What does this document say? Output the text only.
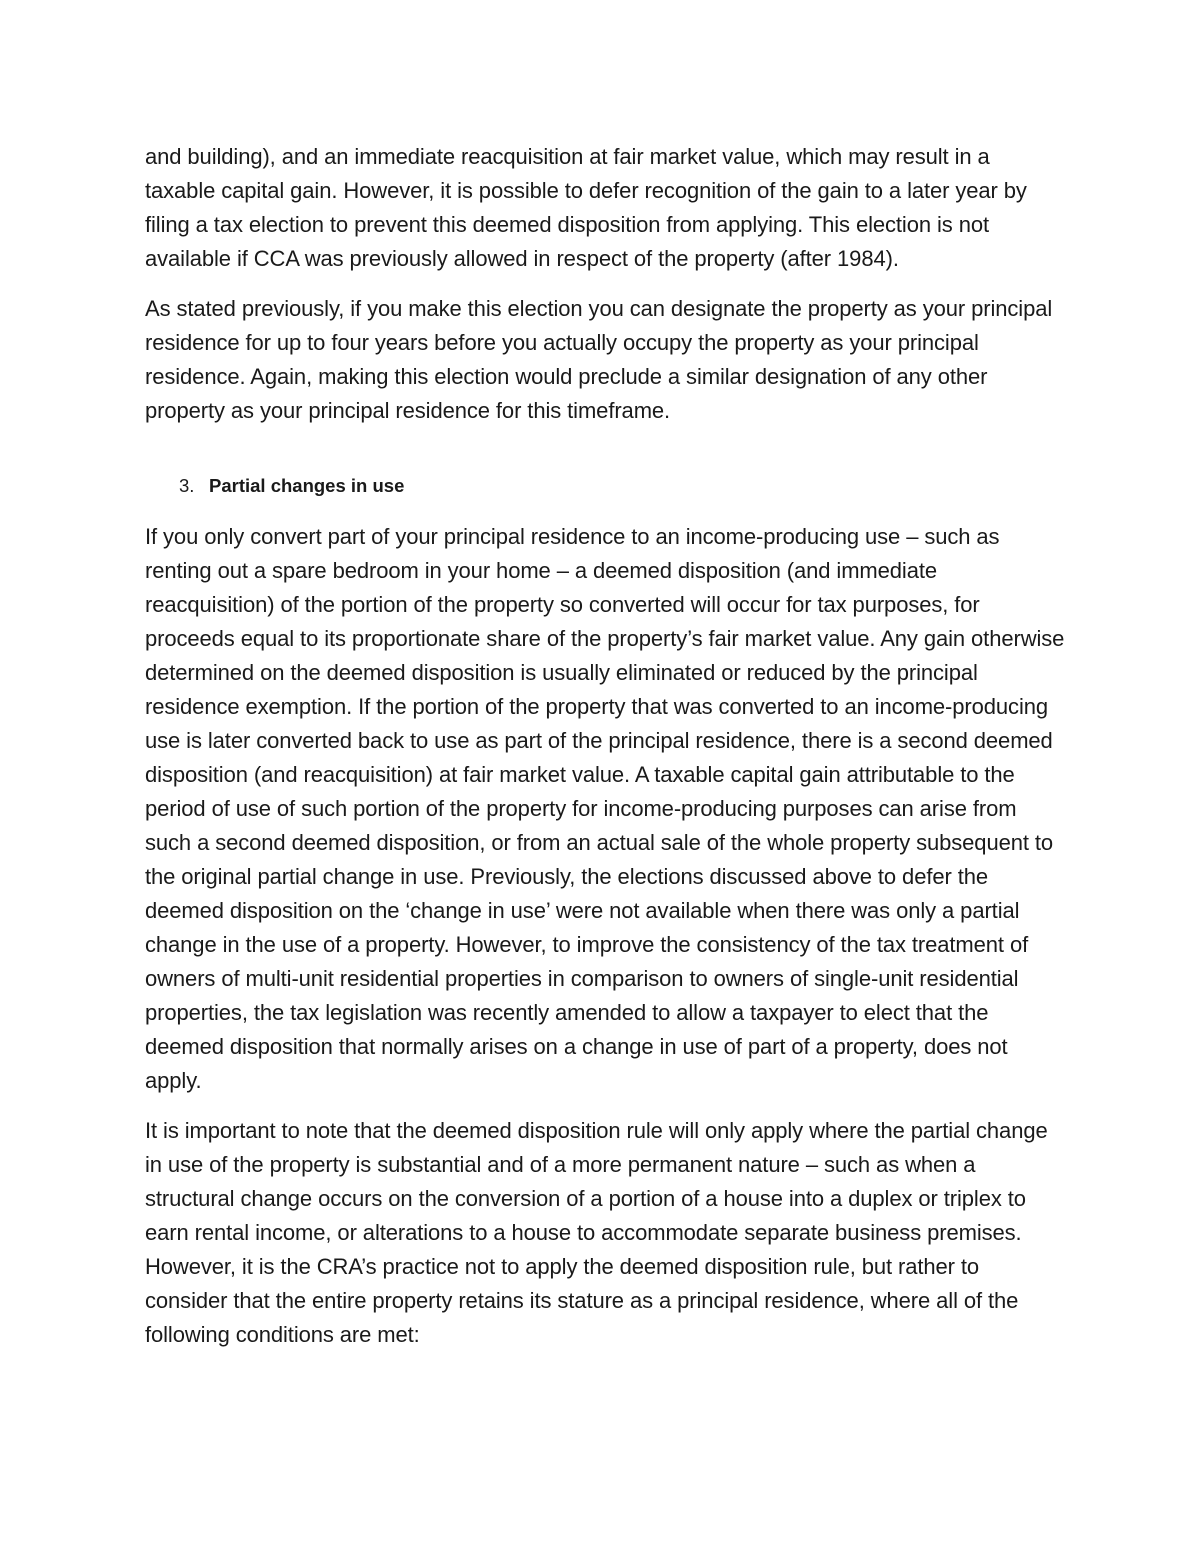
and building), and an immediate reacquisition at fair market value, which may result in a taxable capital gain. However, it is possible to defer recognition of the gain to a later year by filing a tax election to prevent this deemed disposition from applying. This election is not available if CCA was previously allowed in respect of the property (after 1984).

As stated previously, if you make this election you can designate the property as your principal residence for up to four years before you actually occupy the property as your principal residence. Again, making this election would preclude a similar designation of any other property as your principal residence for this timeframe.

3. Partial changes in use

If you only convert part of your principal residence to an income-producing use – such as renting out a spare bedroom in your home – a deemed disposition (and immediate reacquisition) of the portion of the property so converted will occur for tax purposes, for proceeds equal to its proportionate share of the property’s fair market value. Any gain otherwise determined on the deemed disposition is usually eliminated or reduced by the principal residence exemption. If the portion of the property that was converted to an income-producing use is later converted back to use as part of the principal residence, there is a second deemed disposition (and reacquisition) at fair market value. A taxable capital gain attributable to the period of use of such portion of the property for income-producing purposes can arise from such a second deemed disposition, or from an actual sale of the whole property subsequent to the original partial change in use. Previously, the elections discussed above to defer the deemed disposition on the ‘change in use’ were not available when there was only a partial change in the use of a property. However, to improve the consistency of the tax treatment of owners of multi-unit residential properties in comparison to owners of single-unit residential properties, the tax legislation was recently amended to allow a taxpayer to elect that the deemed disposition that normally arises on a change in use of part of a property, does not apply.

It is important to note that the deemed disposition rule will only apply where the partial change in use of the property is substantial and of a more permanent nature – such as when a structural change occurs on the conversion of a portion of a house into a duplex or triplex to earn rental income, or alterations to a house to accommodate separate business premises. However, it is the CRA’s practice not to apply the deemed disposition rule, but rather to consider that the entire property retains its stature as a principal residence, where all of the following conditions are met:
